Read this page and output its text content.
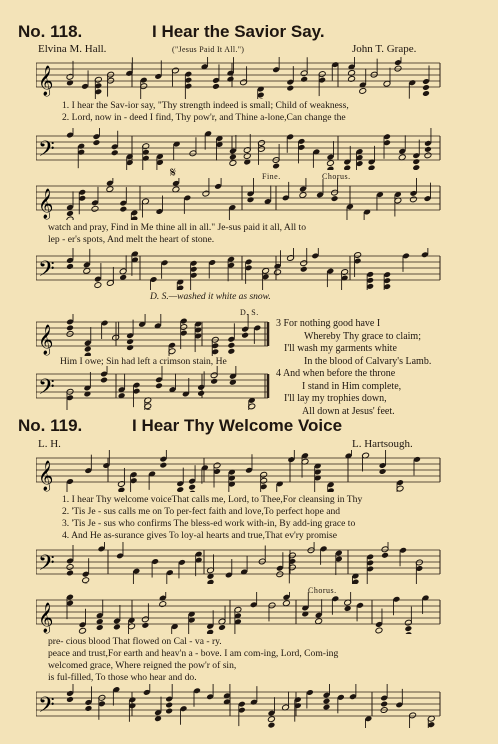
No. 118.	I Hear the Savior Say.
Elvina M. Hall.	("Jesus Paid It All.")	John T. Grape.
𝄞
1. I hear the Sav-ior say, "Thy strength indeed is small; Child of weakness,
2. Lord, now in - deed I find, Thy pow'r, and Thine a-lone,Can change the
𝄢
𝄋	Fine.	Chorus.
𝄞
watch and pray, Find in Me thine all in all." Je-sus paid it all, All to
lep - er's spots, And melt the heart of stone.
𝄢
D. S.—washed it white as snow.
D. S.
𝄞
Him I owe; Sin had left a crimson stain, He
𝄢
3 For nothing good have I
Whereby Thy grace to claim;
I'll wash my garments white
In the blood of Calvary's Lamb.
4 And when before the throne
I stand in Him complete,
I'll lay my trophies down,
All down at Jesus' feet.
No. 119.	I Hear Thy Welcome Voice
L. H.	L. Hartsough.
𝄞
1. I hear Thy welcome voiceThat calls me, Lord, to Thee,For cleansing in Thy
2. 'Tis Je - sus calls me on To per-fect faith and love,To perfect hope and
3. 'Tis Je - sus who confirms The bless-ed work with-in, By add-ing grace to
4. And He as-surance gives To loy-al hearts and true,That ev'ry promise
𝄢
Chorus.
𝄞
pre- cious blood That flowed on Cal - va - ry.
peace and trust,For earth and heav'n a - bove. I am com-ing, Lord, Com-ing
welcomed grace, Where reigned the pow'r of sin,
is ful-filled, To those who hear and do.
𝄢
